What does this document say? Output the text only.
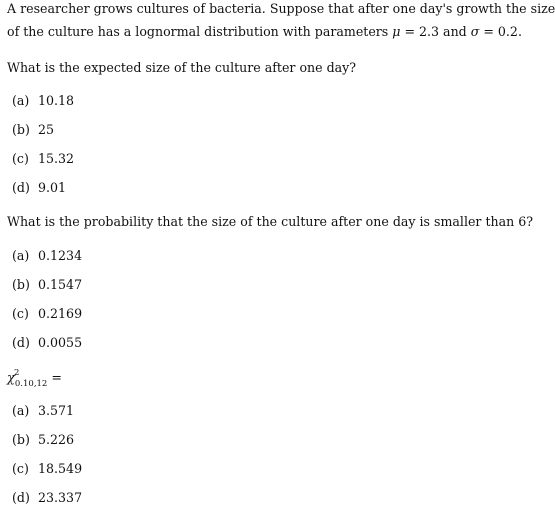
A researcher grows cultures of bacteria. Suppose that after one day's growth the size
of the culture has a lognormal distribution with parameters μ = 2.3 and σ = 0.2.
What is the expected size of the culture after one day?
(a) 10.18
(b) 25
(c) 15.32
(d) 9.01
What is the probability that the size of the culture after one day is smaller than 6?
(a) 0.1234
(b) 0.1547
(c) 0.2169
(d) 0.0055
χ 2
$_{0.10,12}$ =
(a) 3.571
(b) 5.226
(c) 18.549
(d) 23.337
